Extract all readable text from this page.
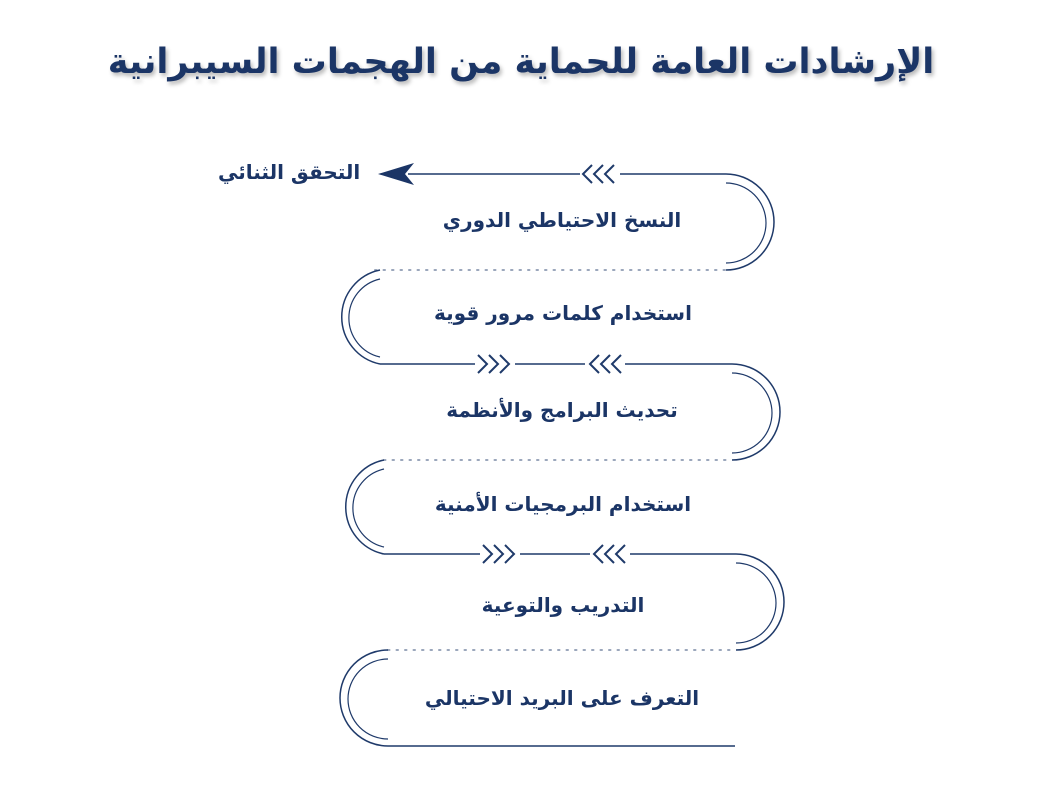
الإرشادات العامة للحماية من الهجمات السيبرانية
التحقق الثنائي
النسخ الاحتياطي الدوري
استخدام كلمات مرور قوية
تحديث البرامج والأنظمة
استخدام البرمجيات الأمنية
التدريب والتوعية
التعرف على البريد الاحتيالي
